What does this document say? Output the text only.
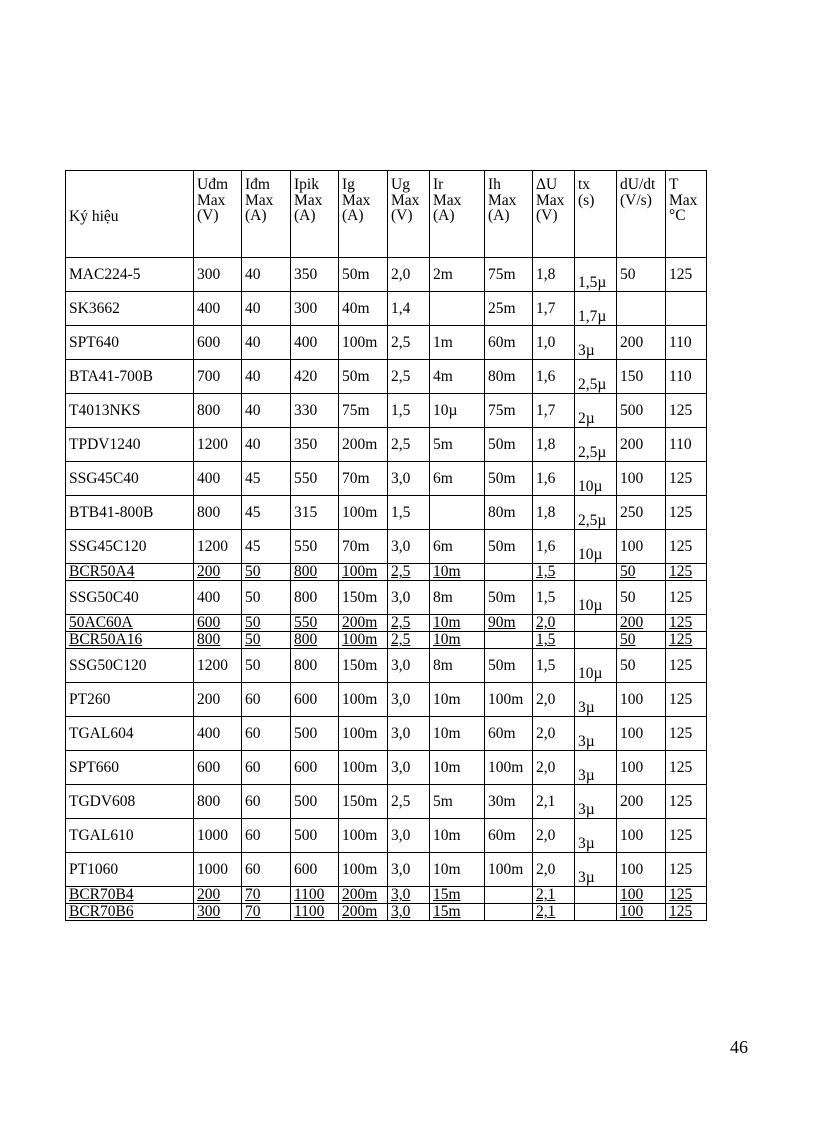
Ký hiệu	Uđm
Max
(V)	Iđm
Max
(A)	Ipik
Max
(A)	Ig
Max
(A)	Ug
Max
(V)	Ir
Max
(A)	Ih
Max
(A)	ΔU
Max
(V)	tx
(s)	dU/dt
(V/s)	T
Max
°C

MAC224-5	300	40	350	50m	2,0	2m	75m	1,8	1,5µ	50	125
SK3662	400	40	300	40m	1,4		25m	1,7	1,7µ		
SPT640	600	40	400	100m	2,5	1m	60m	1,0	3µ	200	110
BTA41-700B	700	40	420	50m	2,5	4m	80m	1,6	2,5µ	150	110
T4013NKS	800	40	330	75m	1,5	10µ	75m	1,7	2µ	500	125
TPDV1240	1200	40	350	200m	2,5	5m	50m	1,8	2,5µ	200	110
SSG45C40	400	45	550	70m	3,0	6m	50m	1,6	10µ	100	125
BTB41-800B	800	45	315	100m	1,5		80m	1,8	2,5µ	250	125
SSG45C120	1200	45	550	70m	3,0	6m	50m	1,6	10µ	100	125
BCR50A4	200	50	800	100m	2,5	10m		1,5		50	125
SSG50C40	400	50	800	150m	3,0	8m	50m	1,5	10µ	50	125
50AC60A	600	50	550	200m	2,5	10m	90m	2,0		200	125
BCR50A16	800	50	800	100m	2,5	10m		1,5		50	125
SSG50C120	1200	50	800	150m	3,0	8m	50m	1,5	10µ	50	125
PT260	200	60	600	100m	3,0	10m	100m	2,0	3µ	100	125
TGAL604	400	60	500	100m	3,0	10m	60m	2,0	3µ	100	125
SPT660	600	60	600	100m	3,0	10m	100m	2,0	3µ	100	125
TGDV608	800	60	500	150m	2,5	5m	30m	2,1	3µ	200	125
TGAL610	1000	60	500	100m	3,0	10m	60m	2,0	3µ	100	125
PT1060	1000	60	600	100m	3,0	10m	100m	2,0	3µ	100	125
BCR70B4	200	70	1100	200m	3,0	15m		2,1		100	125
BCR70B6	300	70	1100	200m	3,0	15m		2,1		100	125
46
